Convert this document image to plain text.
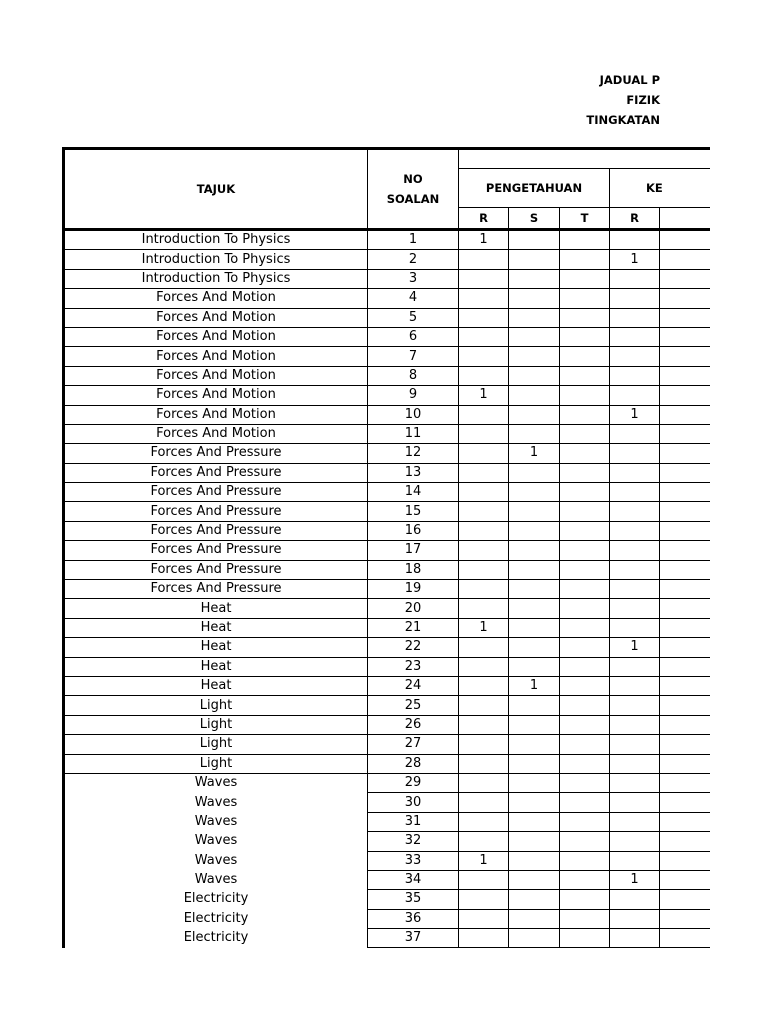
JADUAL P
FIZIK
TINGKATAN
TAJUK	NO
SOALAN					

		PENGETAHUAN			KE	
		R	S	T	R	
Introduction To Physics	1	1				
Introduction To Physics	2				1	
Introduction To Physics	3					
Forces And Motion	4					
Forces And Motion	5					
Forces And Motion	6					
Forces And Motion	7					
Forces And Motion	8					
Forces And Motion	9	1				
Forces And Motion	10				1	
Forces And Motion	11					
Forces And Pressure	12		1			
Forces And Pressure	13					
Forces And Pressure	14					
Forces And Pressure	15					
Forces And Pressure	16					
Forces And Pressure	17					
Forces And Pressure	18					
Forces And Pressure	19					
Heat	20					
Heat	21	1				
Heat	22				1	
Heat	23					
Heat	24		1			
Light	25					
Light	26					
Light	27					
Light	28					
Waves	29					
Waves	30					
Waves	31					
Waves	32					
Waves	33	1				
Waves	34				1	
Electricity	35					
Electricity	36					
Electricity	37					
